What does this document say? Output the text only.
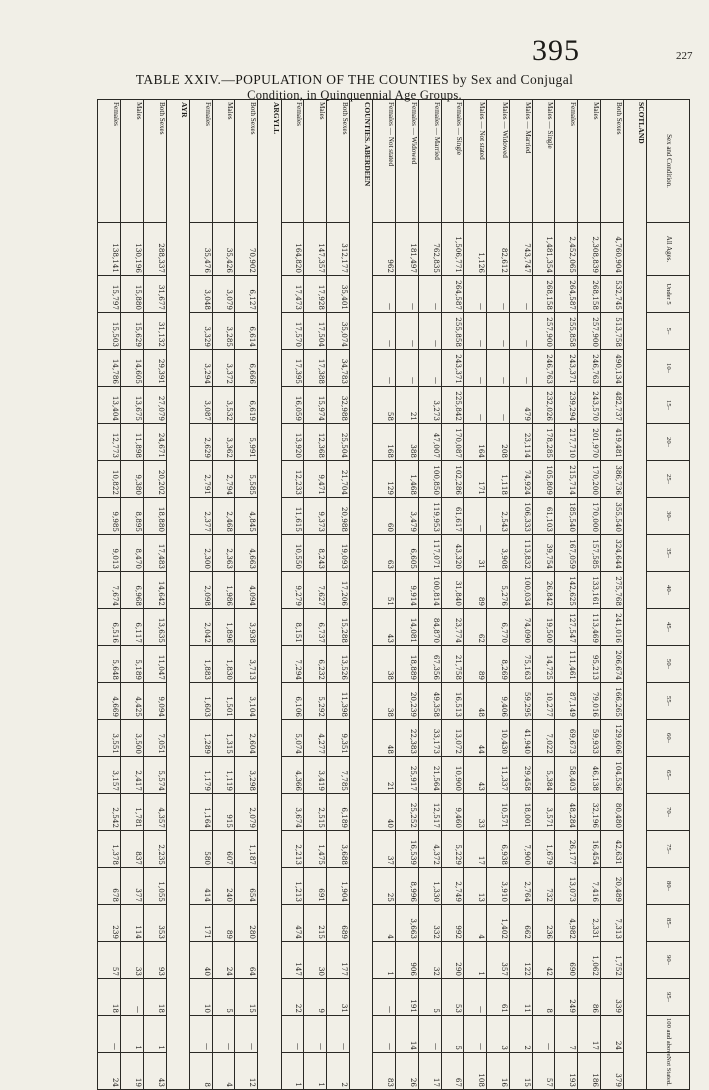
395	227
TABLE XXIV.—POPULATION OF THE COUNTIES by Sex and Conjugal
Condition, in Quinquennial Age Groups.
Sex and Condition.	All Ages.	Under 5	5–	10–	15–	20–	25–	30–	35–	40–	45–	50–	55–	60–	65–	70–	75–	80–	85–	90–	95–	100 and above.	Not Stated.
SCOTLAND																							
Both Sexes	4,760,904	532,745	513,758	490,134	482,737	419,481	386,736	355,540	324,644	275,768	241,016	206,674	166,265	129,606	104,536	80,480	42,631	20,489	7,313	1,752	339	24	379
Males	2,308,839	268,158	257,900	246,763	243,570	201,970	170,200	170,000	157,585	133,161	113,469	95,213	79,016	59,933	46,138	32,196	16,454	7,416	2,331	1,062	86	17	186
Females	2,452,065	264,587	255,858	243,371	239,294	217,710	215,714	185,540	167,059	142,625	127,547	111,461	87,149	69,673	58,403	48,284	26,177	13,073	4,982	690	249	7	193
Males — Single	1,481,354	268,158	257,900	246,763	232,026	178,285	105,809	61,103	39,754	26,842	19,500	14,725	10,277	7,022	5,384	3,571	1,679	732	236	42	8	—	57
Males — Married	743,747	—	—	—	479	23,114	74,924	106,333	113,832	100,034	74,090	75,163	59,295	41,940	29,458	18,001	7,900	2,764	662	122	11	2	15
Males — Widowed	82,612	—	—	—	—	208	1,118	2,543	3,908	5,276	6,770	8,269	9,406	10,430	11,337	10,571	6,938	3,910	1,402	357	61	3	16
Males — Not stated	1,126	—	—	—	—	164	171	—	31	89	62	89	48	44	43	33	17	13	4	1	—	—	108
Females — Single	1,506,771	264,587	255,858	243,371	225,842	170,087	102,286	61,617	43,320	31,840	23,774	21,758	16,513	13,072	10,900	9,460	5,229	2,749	992	290	53	5	67
Females — Married	762,835	—	—	—	3,273	47,007	100,850	119,953	117,071	100,814	84,870	67,356	49,358	33,173	21,564	12,517	4,372	1,330	332	32	5	—	17
Females — Widowed	181,497	—	—	—	21	388	1,468	3,479	6,605	9,914	14,081	18,889	20,239	22,383	25,917	25,252	16,539	8,996	3,663	906	191	14	26
Females — Not stated	962	—	—	—	58	168	129	60	63	51	43	38	38	48	21	40	37	25	4	1	—	—	83
COUNTIES. ABERDEEN																							
Both Sexes	312,177	35,401	35,074	34,783	32,988	25,504	21,704	20,988	19,093	17,206	15,288	13,526	11,398	9,351	7,785	6,189	3,688	1,904	689	177	31	—	2
Males	147,357	17,928	17,504	17,388	15,974	12,368	9,471	9,373	8,243	7,627	6,737	6,232	5,292	4,277	3,419	2,515	1,475	691	215	30	9	—	1
Females	164,820	17,473	17,570	17,395	16,059	13,920	12,233	11,615	10,550	9,279	8,151	7,294	6,106	5,074	4,366	3,674	2,213	1,213	474	147	22	—	1
ARGYLL																							
Both Sexes	70,902	6,127	6,614	6,666	6,619	5,991	5,585	4,845	4,663	4,094	3,938	3,713	3,104	2,604	3,298	2,079	1,187	654	280	64	15	—	12
Males	35,426	3,079	3,285	3,372	3,532	3,362	2,794	2,468	2,363	1,986	1,896	1,830	1,501	1,315	1,119	915	607	240	89	24	5	—	4
Females	35,476	3,048	3,329	3,294	3,087	2,629	2,791	2,377	2,300	2,098	2,042	1,883	1,603	1,289	1,179	1,164	580	414	171	40	10	—	8
AYR																							
Both Sexes	288,337	31,677	31,132	29,391	27,079	24,671	20,202	18,880	17,483	14,642	13,635	11,047	9,094	7,051	5,574	4,357	2,235	1,055	353	93	18	1	43
Males	130,196	15,880	15,629	14,605	13,675	11,898	9,380	8,895	8,470	6,968	6,117	5,189	4,425	3,500	2,417	1,781	837	377	114	33	—	1	19
Females	138,141	15,797	15,503	14,786	13,404	12,773	10,822	9,985	9,013	7,674	6,516	5,648	4,669	3,551	3,157	2,542	1,378	678	239	57	18	—	24
